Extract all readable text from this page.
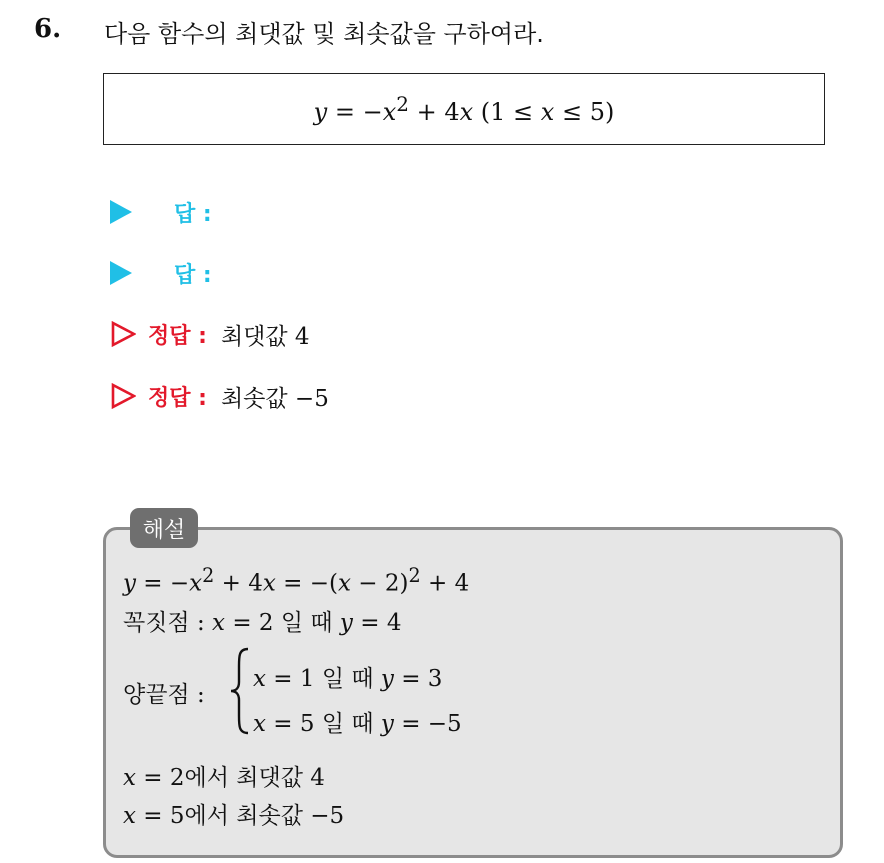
6. 다음 함수의 최댓값 및 최솟값을 구하여라.
$y = -x^2 + 4x$ (1 ≤ x ≤ 5)
답 :
답 :
정답 : 최댓값 4
정답 : 최솟값 −5
해설
$y = -x^2 + 4x = -(x - 2)^2 + 4$
꼭짓점 : x = 2 일 때 y = 4
양끝점 :
x = 1 일 때 y = 3
x = 5 일 때 y = −5
x = 2에서 최댓값 4
x = 5에서 최솟값 −5
